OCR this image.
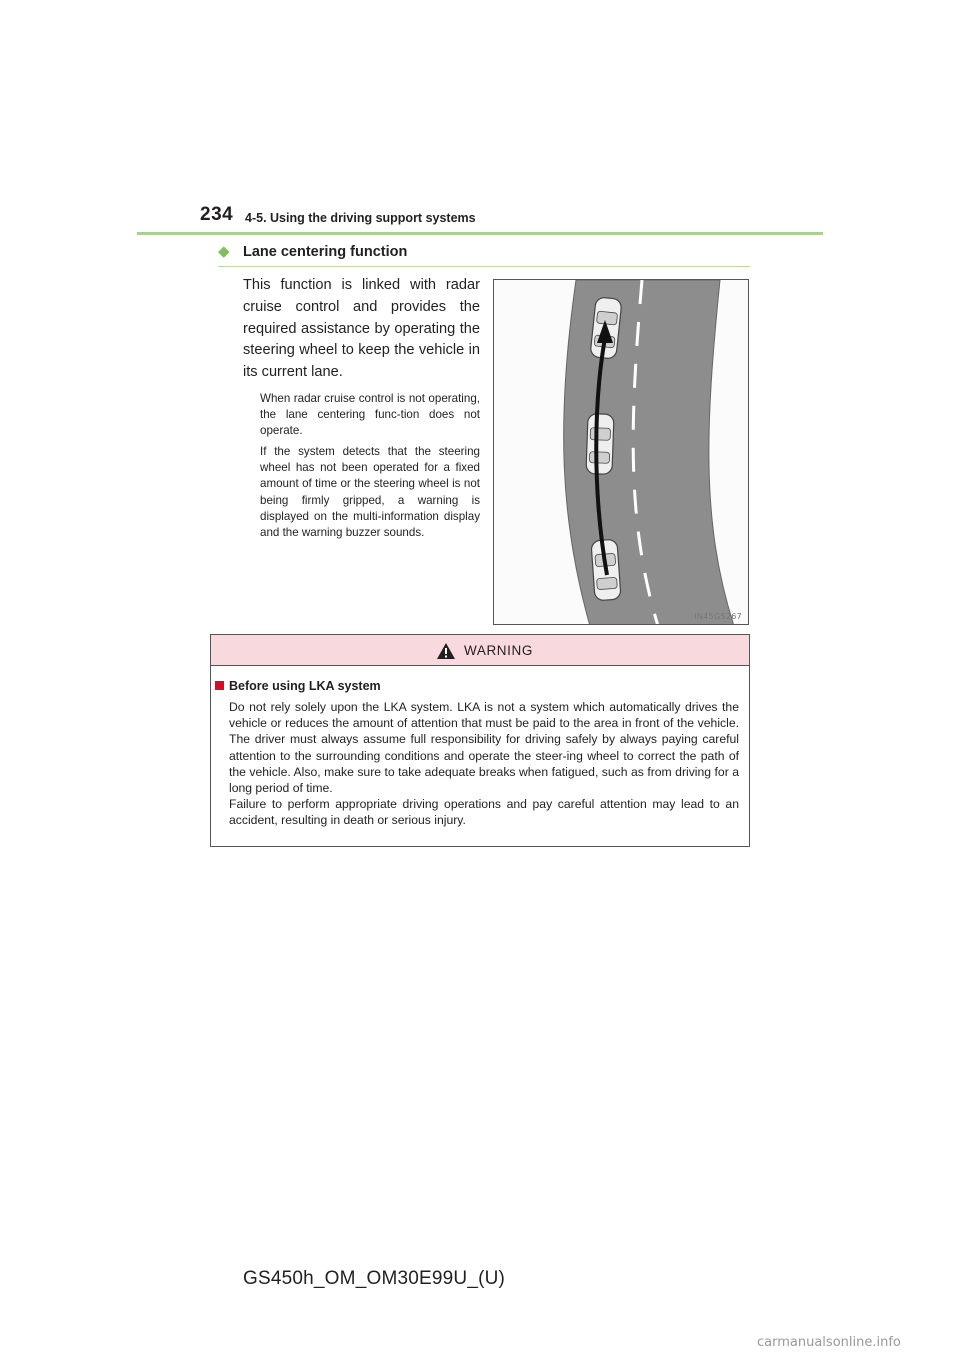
234 4-5. Using the driving support systems
◆ Lane centering function
This function is linked with radar cruise control and provides the required assistance by operating the steering wheel to keep the vehicle in its current lane.
When radar cruise control is not operating, the lane centering func-tion does not operate.
If the system detects that the steering wheel has not been operated for a fixed amount of time or the steering wheel is not being firmly gripped, a warning is displayed on the multi-information display and the warning buzzer sounds.
IN45GS267
WARNING
Before using LKA system

Do not rely solely upon the LKA system. LKA is not a system which automatically drives the vehicle or reduces the amount of attention that must be paid to the area in front of the vehicle. The driver must always assume full responsibility for driving safely by always paying careful attention to the surrounding conditions and operate the steer-ing wheel to correct the path of the vehicle. Also, make sure to take adequate breaks when fatigued, such as from driving for a long period of time.

Failure to perform appropriate driving operations and pay careful attention may lead to an accident, resulting in death or serious injury.

GS450h_OM_OM30E99U_(U)
carmanualsonline.info
